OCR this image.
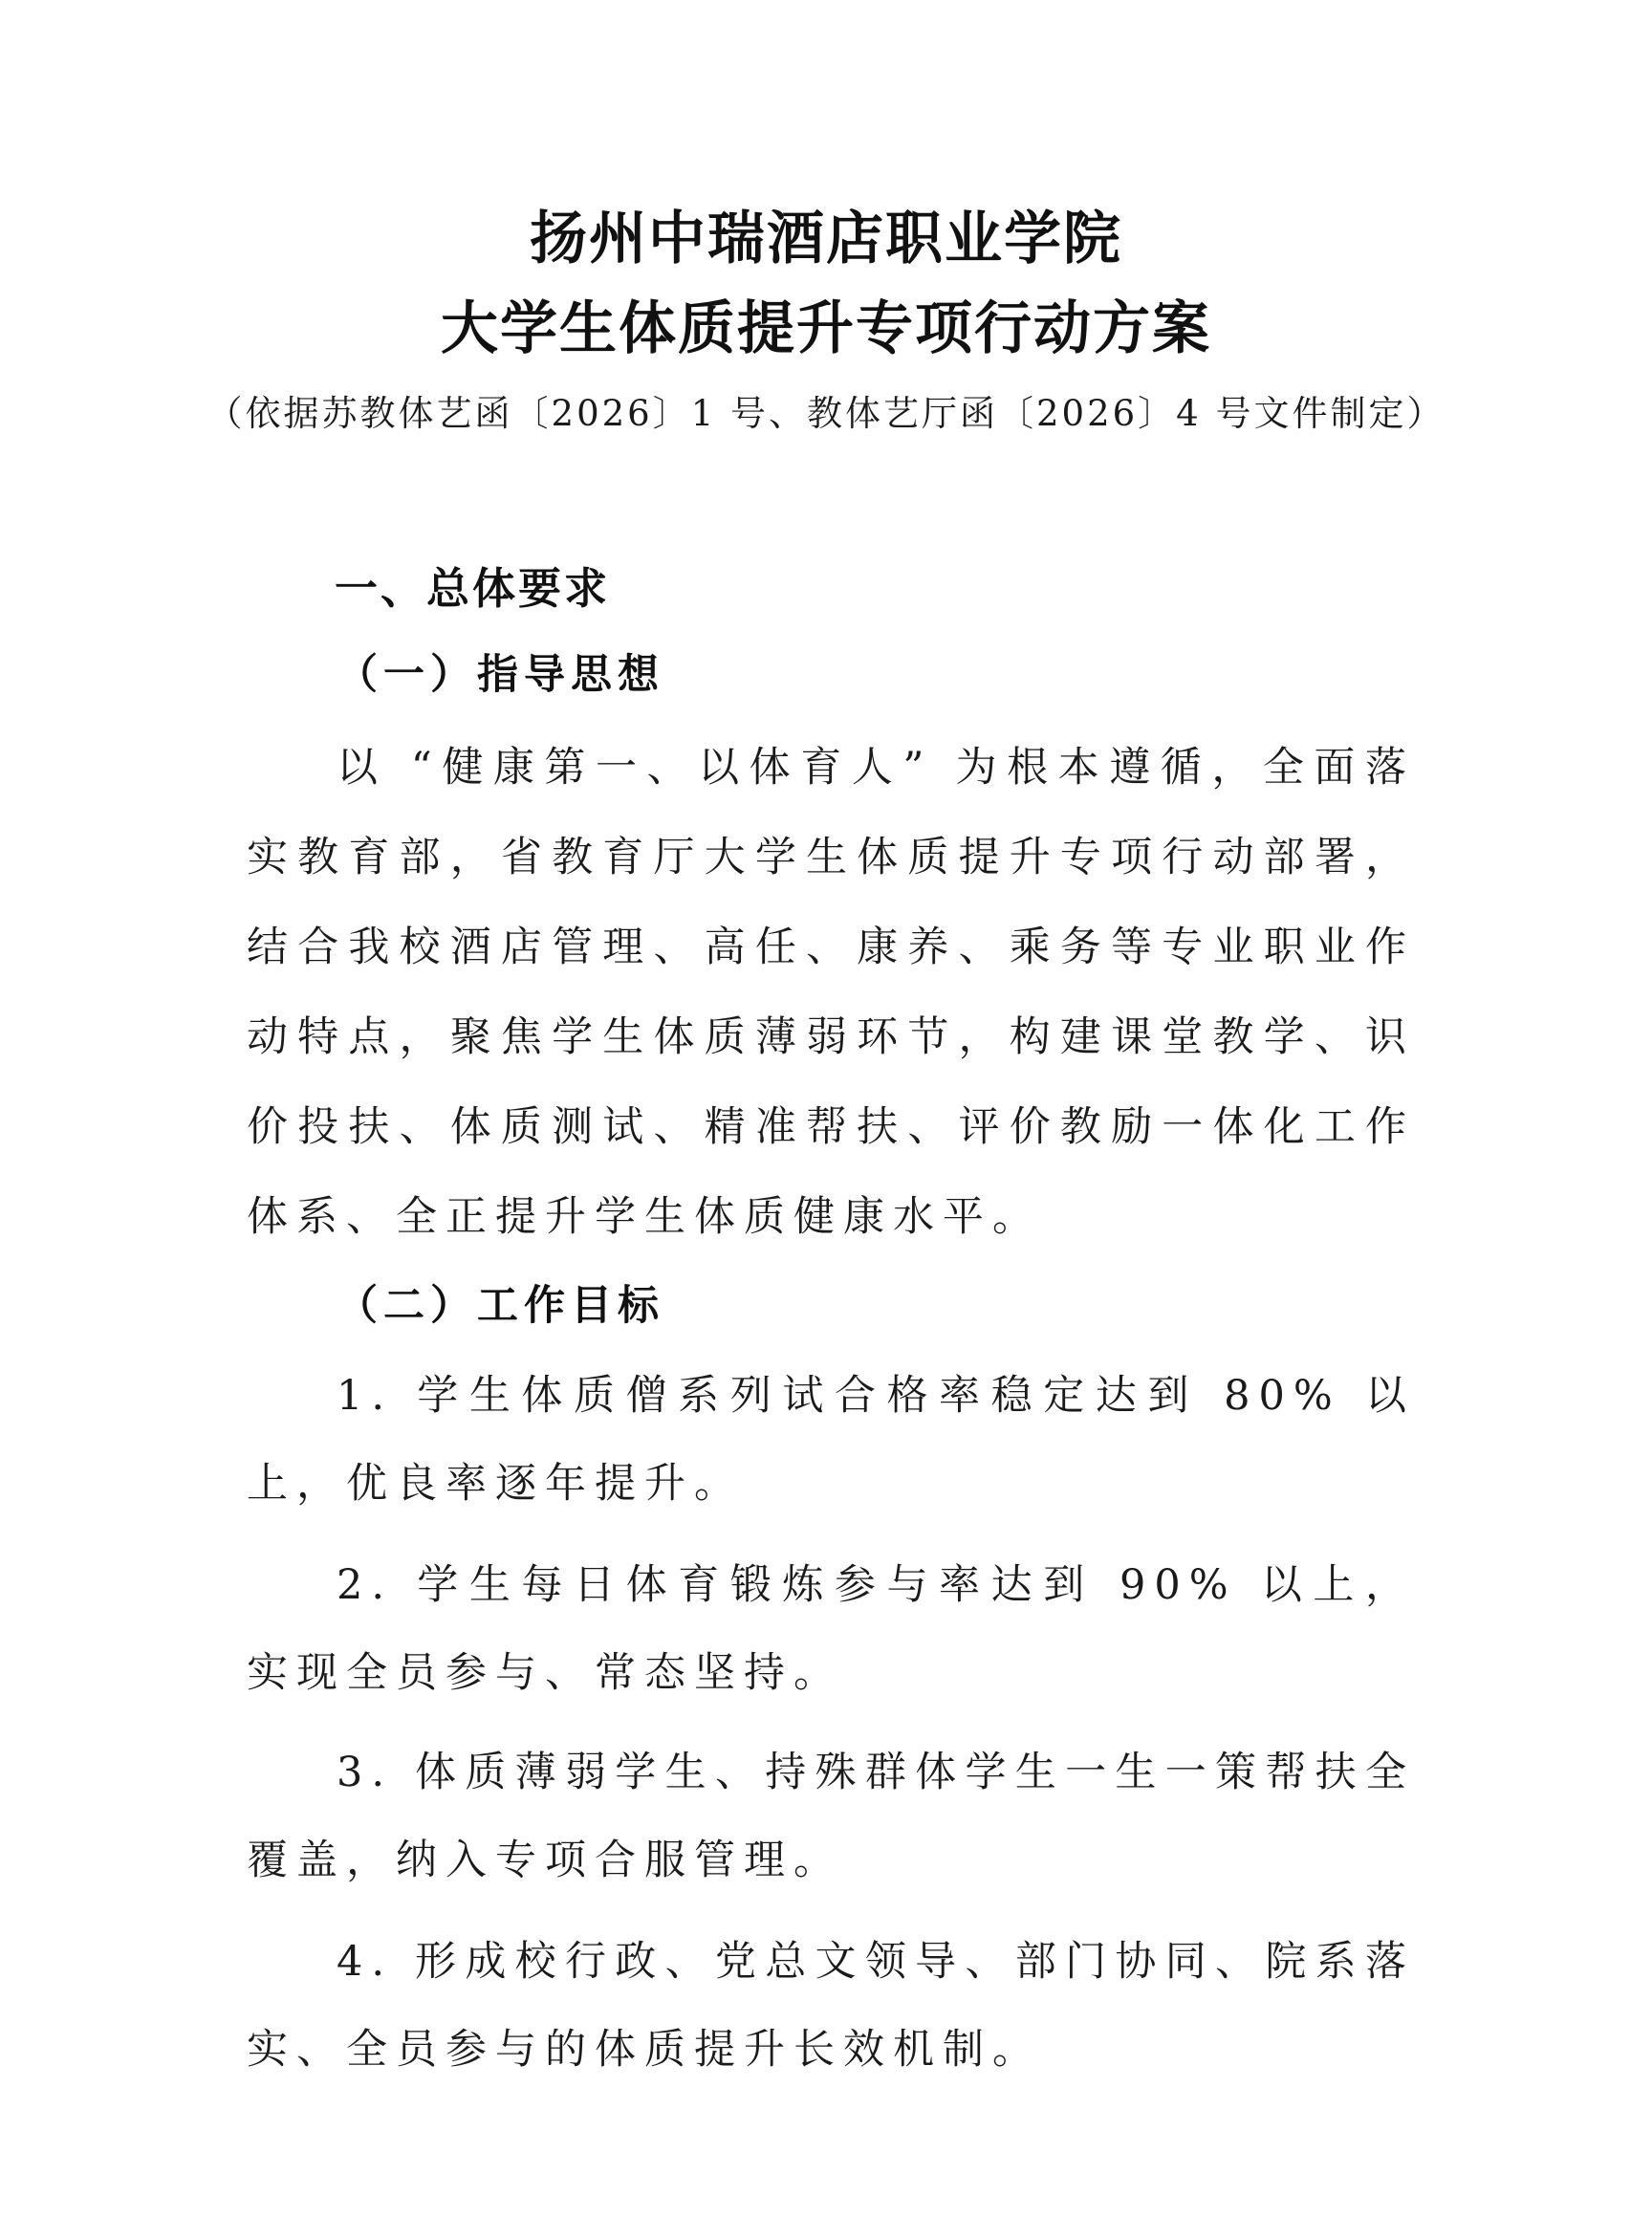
扬州中瑞酒店职业学院
大学生体质提升专项行动方案
（依据苏教体艺函〔2026〕1 号、教体艺厅函〔2026〕4 号文件制定）
一、总体要求
（一）指导思想
以 “健康第一、以体育人” 为根本遵循，全面落实教育部，省教育厅大学生体质提升专项行动部署，结合我校酒店管理、高任、康养、乘务等专业职业作动特点，聚焦学生体质薄弱环节，构建课堂教学、识价投扶、体质测试、精准帮扶、评价教励一体化工作体系、全正提升学生体质健康水平。
（二）工作目标
1. 学生体质僧系列试合格率稳定达到 80% 以上，优良率逐年提升。
2. 学生每日体育锻炼参与率达到 90% 以上，实现全员参与、常态坚持。
3. 体质薄弱学生、持殊群体学生一生一策帮扶全覆盖，纳入专项合服管理。
4. 形成校行政、党总文领导、部门协同、院系落实、全员参与的体质提升长效机制。
